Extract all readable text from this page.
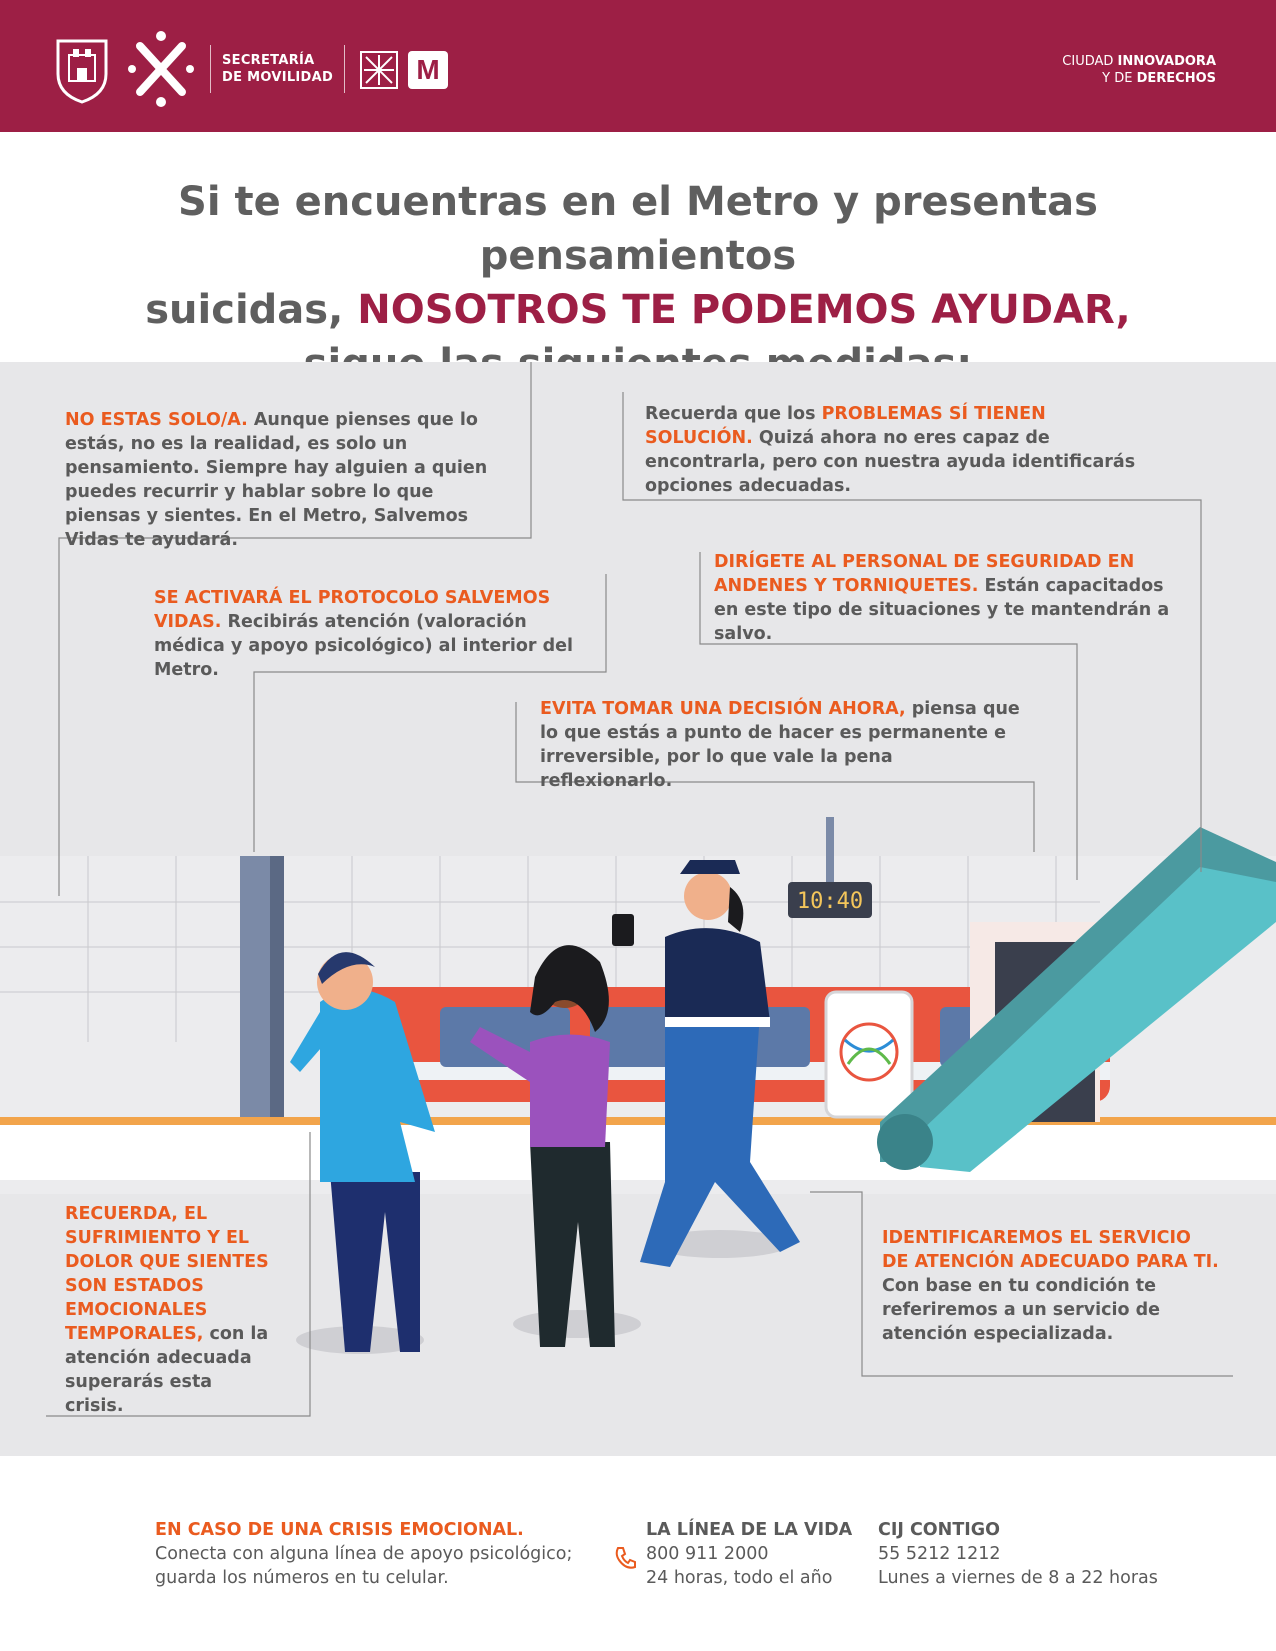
SECRETARÍA
DE MOVILIDAD	M	CIUDAD INNOVADORA
Y DE DERECHOS
Si te encuentras en el Metro y presentas pensamientos
suicidas, NOSOTROS TE PODEMOS AYUDAR,
10:40
NO ESTAS SOLO/A. Aunque pienses que lo estás, no es la realidad, es solo un pensamiento. Siempre hay alguien a quien puedes recurrir y hablar sobre lo que piensas y sientes. En el Metro, Salvemos Vidas te ayudará.
Recuerda que los PROBLEMAS SÍ TIENEN SOLUCIÓN. Quizá ahora no eres capaz de encontrarla, pero con nuestra ayuda identificarás opciones adecuadas.
SE ACTIVARÁ EL PROTOCOLO SALVEMOS VIDAS. Recibirás atención (valoración médica y apoyo psicológico) al interior del Metro.
DIRÍGETE AL PERSONAL DE SEGURIDAD EN ANDENES Y TORNIQUETES. Están capacitados en este tipo de situaciones y te mantendrán a salvo.
EVITA TOMAR UNA DECISIÓN AHORA, piensa que lo que estás a punto de hacer es permanente e irreversible, por lo que vale la pena reflexionarlo.
RECUERDA, EL SUFRIMIENTO Y EL DOLOR QUE SIENTES SON ESTADOS EMOCIONALES TEMPORALES, con la atención adecuada superarás esta crisis.
IDENTIFICAREMOS EL SERVICIO DE ATENCIÓN ADECUADO PARA TI. Con base en tu condición te referiremos a un servicio de atención especializada.
EN CASO DE UNA CRISIS EMOCIONAL.
Conecta con alguna línea de apoyo psicológico; guarda los números en tu celular.
LA LÍNEA DE LA VIDA
800 911 2000
24 horas, todo el año
CIJ CONTIGO
55 5212 1212
Lunes a viernes de 8 a 22 horas
